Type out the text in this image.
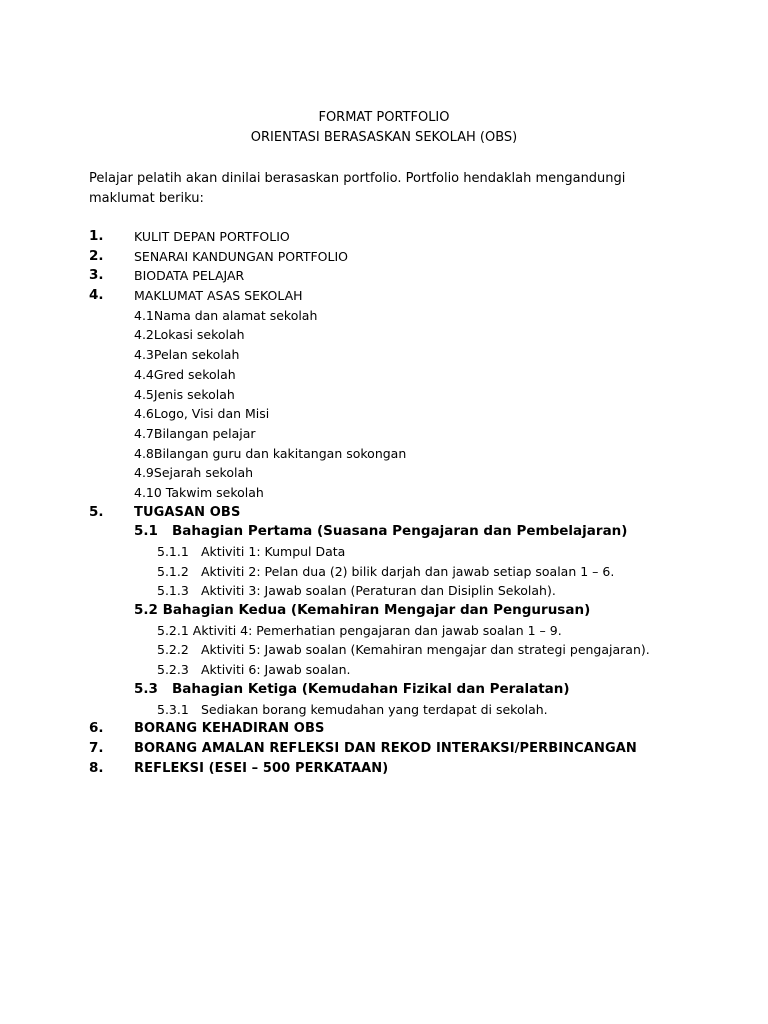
FORMAT PORTFOLIO
ORIENTASI BERASASKAN SEKOLAH (OBS)
Pelajar pelatih akan dinilai berasaskan portfolio. Portfolio hendaklah mengandungi maklumat beriku:
1. KULIT DEPAN PORTFOLIO
2. SENARAI KANDUNGAN PORTFOLIO
3. BIODATA PELAJAR
4. MAKLUMAT ASAS SEKOLAH
4.1Nama dan alamat sekolah
4.2Lokasi sekolah
4.3Pelan sekolah
4.4Gred sekolah
4.5Jenis sekolah
4.6Logo, Visi dan Misi
4.7Bilangan pelajar
4.8Bilangan guru dan kakitangan sokongan
4.9Sejarah sekolah
4.10 Takwim sekolah
5. TUGASAN OBS
5.1 Bahagian Pertama (Suasana Pengajaran dan Pembelajaran)
5.1.1 Aktiviti 1: Kumpul Data
5.1.2 Aktiviti 2: Pelan dua (2) bilik darjah dan jawab setiap soalan 1 – 6.
5.1.3 Aktiviti 3: Jawab soalan (Peraturan dan Disiplin Sekolah).
5.2 Bahagian Kedua (Kemahiran Mengajar dan Pengurusan)
5.2.1 Aktiviti 4: Pemerhatian pengajaran dan jawab soalan 1 – 9.
5.2.2 Aktiviti 5: Jawab soalan (Kemahiran mengajar dan strategi pengajaran).
5.2.3 Aktiviti 6: Jawab soalan.
5.3 Bahagian Ketiga (Kemudahan Fizikal dan Peralatan)
5.3.1 Sediakan borang kemudahan yang terdapat di sekolah.
6. BORANG KEHADIRAN OBS
7. BORANG AMALAN REFLEKSI DAN REKOD INTERAKSI/PERBINCANGAN
8. REFLEKSI (ESEI – 500 PERKATAAN)
